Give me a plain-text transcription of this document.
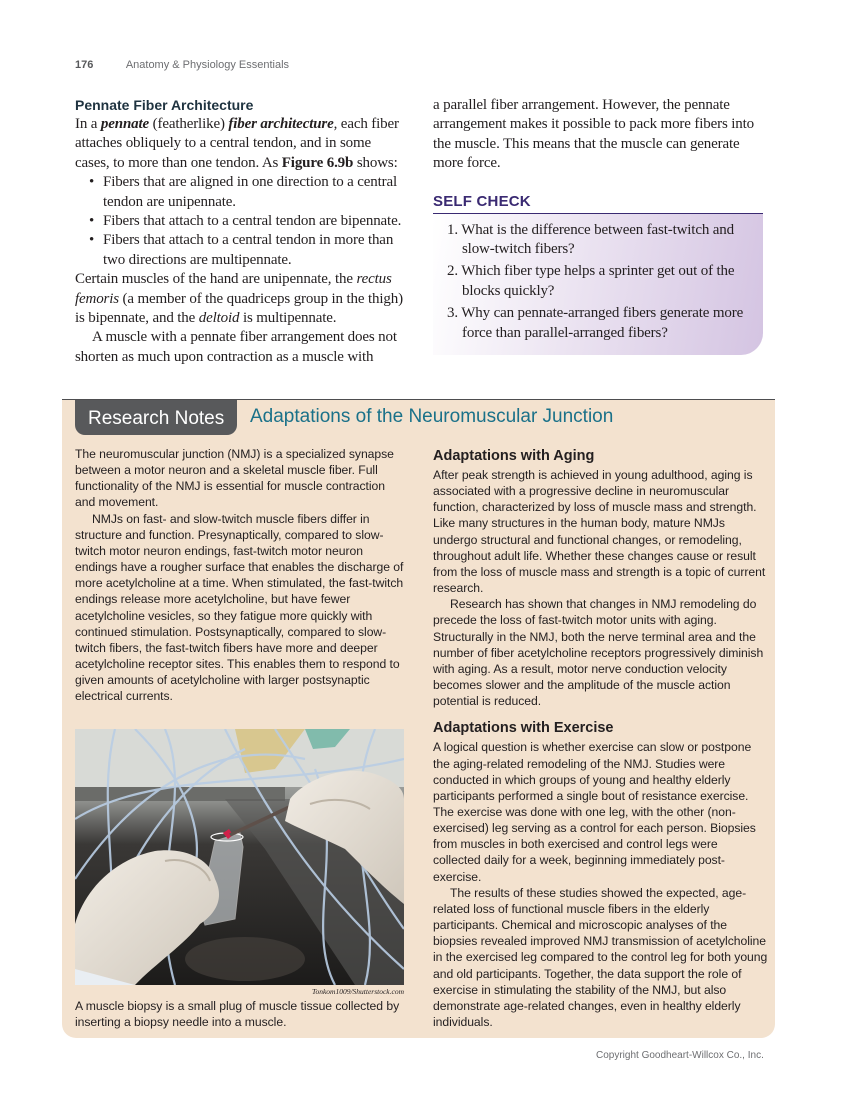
176	Anatomy & Physiology Essentials
Pennate Fiber Architecture

In a pennate (featherlike) fiber architecture, each fiber attaches obliquely to a central tendon, and in some cases, to more than one tendon. As Figure 6.9b shows:

• Fibers that are aligned in one direction to a central tendon are unipennate.
• Fibers that attach to a central tendon are bipennate.
• Fibers that attach to a central tendon in more than two directions are multipennate.

Certain muscles of the hand are unipennate, the rectus femoris (a member of the quadriceps group in the thigh) is bipennate, and the deltoid is multipennate.

A muscle with a pennate fiber arrangement does not shorten as much upon contraction as a muscle with

a parallel fiber arrangement. However, the pennate arrangement makes it possible to pack more fibers into the muscle. This means that the muscle can generate more force.

SELF CHECK
1. What is the difference between fast-twitch and slow-twitch fibers?
2. Which fiber type helps a sprinter get out of the blocks quickly?
3. Why can pennate-arranged fibers generate more force than parallel-arranged fibers?
Research Notes	Adaptations of the Neuromuscular Junction

The neuromuscular junction (NMJ) is a specialized synapse between a motor neuron and a skeletal muscle fiber. Full functionality of the NMJ is essential for muscle contraction and movement.

NMJs on fast- and slow-twitch muscle fibers differ in structure and function. Presynaptically, compared to slow-twitch motor neuron endings, fast-twitch motor neuron endings have a rougher surface that enables the discharge of more acetylcholine at a time. When stimulated, the fast-twitch endings release more acetylcholine, but have fewer acetylcholine vesicles, so they fatigue more quickly with continued stimulation. Postsynaptically, compared to slow-twitch fibers, the fast-twitch fibers have more and deeper acetylcholine receptor sites. This enables them to respond to given amounts of acetylcholine with larger postsynaptic electrical currents.

Tonkom1009/Shutterstock.com

A muscle biopsy is a small plug of muscle tissue collected by inserting a biopsy needle into a muscle.

Adaptations with Aging

After peak strength is achieved in young adulthood, aging is associated with a progressive decline in neuromuscular function, characterized by loss of muscle mass and strength. Like many structures in the human body, mature NMJs undergo structural and functional changes, or remodeling, throughout adult life. Whether these changes cause or result from the loss of muscle mass and strength is a topic of current research.

Research has shown that changes in NMJ remodeling do precede the loss of fast-twitch motor units with aging. Structurally in the NMJ, both the nerve terminal area and the number of fiber acetylcholine receptors progressively diminish with aging. As a result, motor nerve conduction velocity becomes slower and the amplitude of the muscle action potential is reduced.

Adaptations with Exercise

A logical question is whether exercise can slow or postpone the aging-related remodeling of the NMJ. Studies were conducted in which groups of young and healthy elderly participants performed a single bout of resistance exercise. The exercise was done with one leg, with the other (non-exercised) leg serving as a control for each person. Biopsies from muscles in both exercised and control legs were collected daily for a week, beginning immediately post-exercise.

The results of these studies showed the expected, age-related loss of functional muscle fibers in the elderly participants. Chemical and microscopic analyses of the biopsies revealed improved NMJ transmission of acetylcholine in the exercised leg compared to the control leg for both young and old participants. Together, the data support the role of exercise in stimulating the stability of the NMJ, but also demonstrate age-related changes, even in healthy elderly individuals.

Copyright Goodheart-Willcox Co., Inc.
